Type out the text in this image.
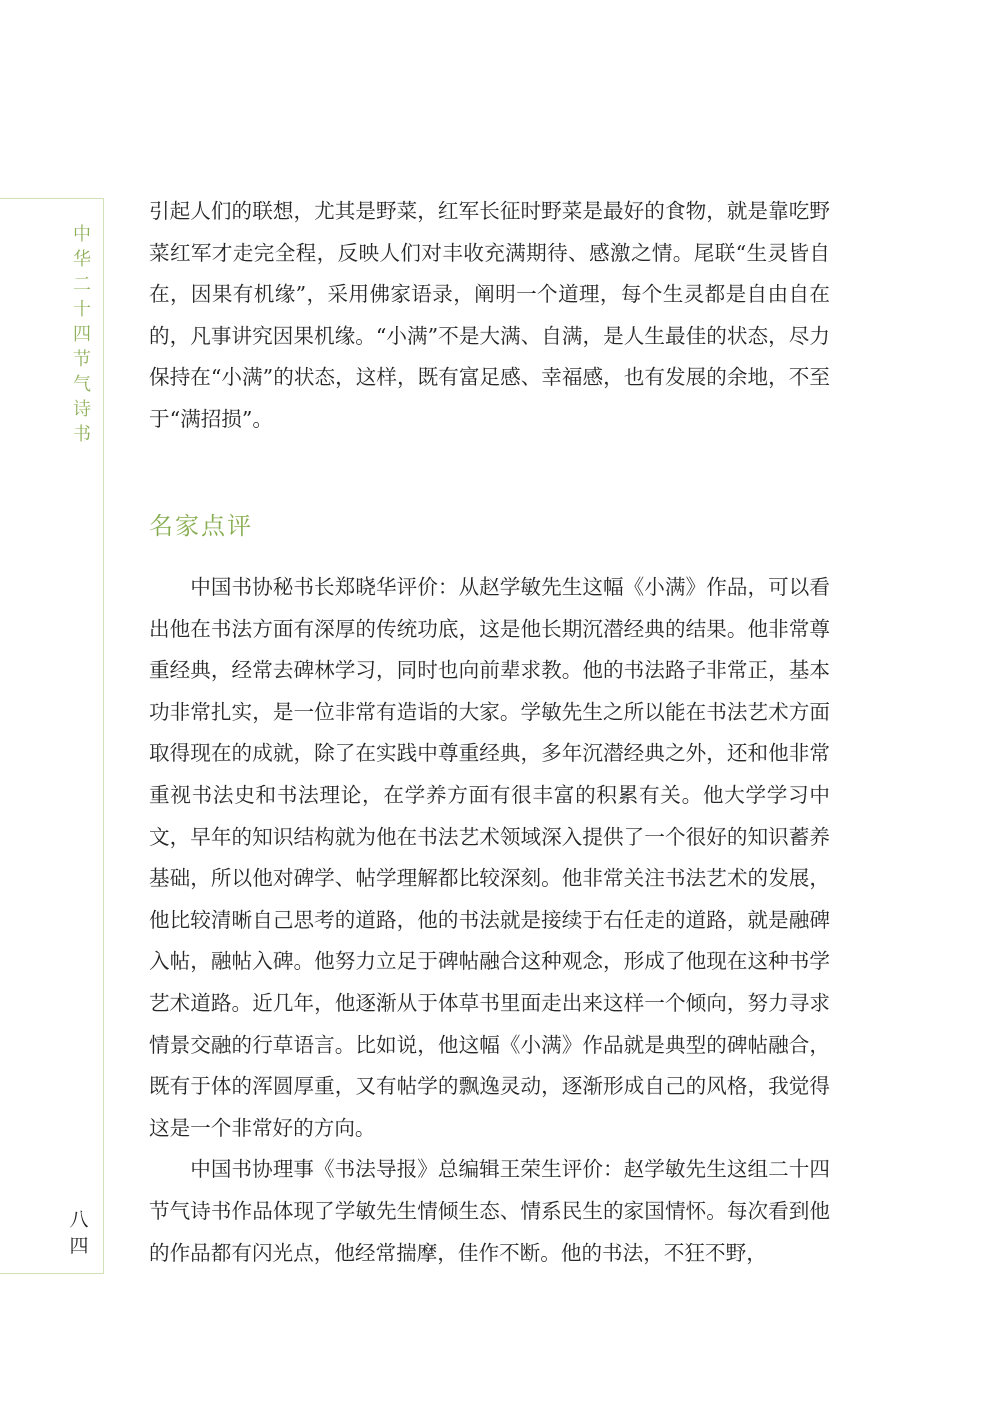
中
华
二
十
四
节
气
诗
书
八
四

引起人们的联想，尤其是野菜，红军长征时野菜是最好的食物，就是靠吃野菜红军才走完全程，反映人们对丰收充满期待、感激之情。尾联“生灵皆自在，因果有机缘”，采用佛家语录，阐明一个道理，每个生灵都是自由自在的，凡事讲究因果机缘。“小满”不是大满、自满，是人生最佳的状态，尽力保持在“小满”的状态，这样，既有富足感、幸福感，也有发展的余地，不至于“满招损”。

名家点评

中国书协秘书长郑晓华评价：从赵学敏先生这幅《小满》作品，可以看出他在书法方面有深厚的传统功底，这是他长期沉潜经典的结果。他非常尊重经典，经常去碑林学习，同时也向前辈求教。他的书法路子非常正，基本功非常扎实，是一位非常有造诣的大家。学敏先生之所以能在书法艺术方面取得现在的成就，除了在实践中尊重经典，多年沉潜经典之外，还和他非常重视书法史和书法理论，在学养方面有很丰富的积累有关。他大学学习中文，早年的知识结构就为他在书法艺术领域深入提供了一个很好的知识蓄养基础，所以他对碑学、帖学理解都比较深刻。他非常关注书法艺术的发展，他比较清晰自己思考的道路，他的书法就是接续于右任走的道路，就是融碑入帖，融帖入碑。他努力立足于碑帖融合这种观念，形成了他现在这种书学艺术道路。近几年，他逐渐从于体草书里面走出来这样一个倾向，努力寻求情景交融的行草语言。比如说，他这幅《小满》作品就是典型的碑帖融合，既有于体的浑圆厚重，又有帖学的飘逸灵动，逐渐形成自己的风格，我觉得这是一个非常好的方向。

中国书协理事《书法导报》总编辑王荣生评价：赵学敏先生这组二十四节气诗书作品体现了学敏先生情倾生态、情系民生的家国情怀。每次看到他的作品都有闪光点，他经常揣摩，佳作不断。他的书法，不狂不野，
